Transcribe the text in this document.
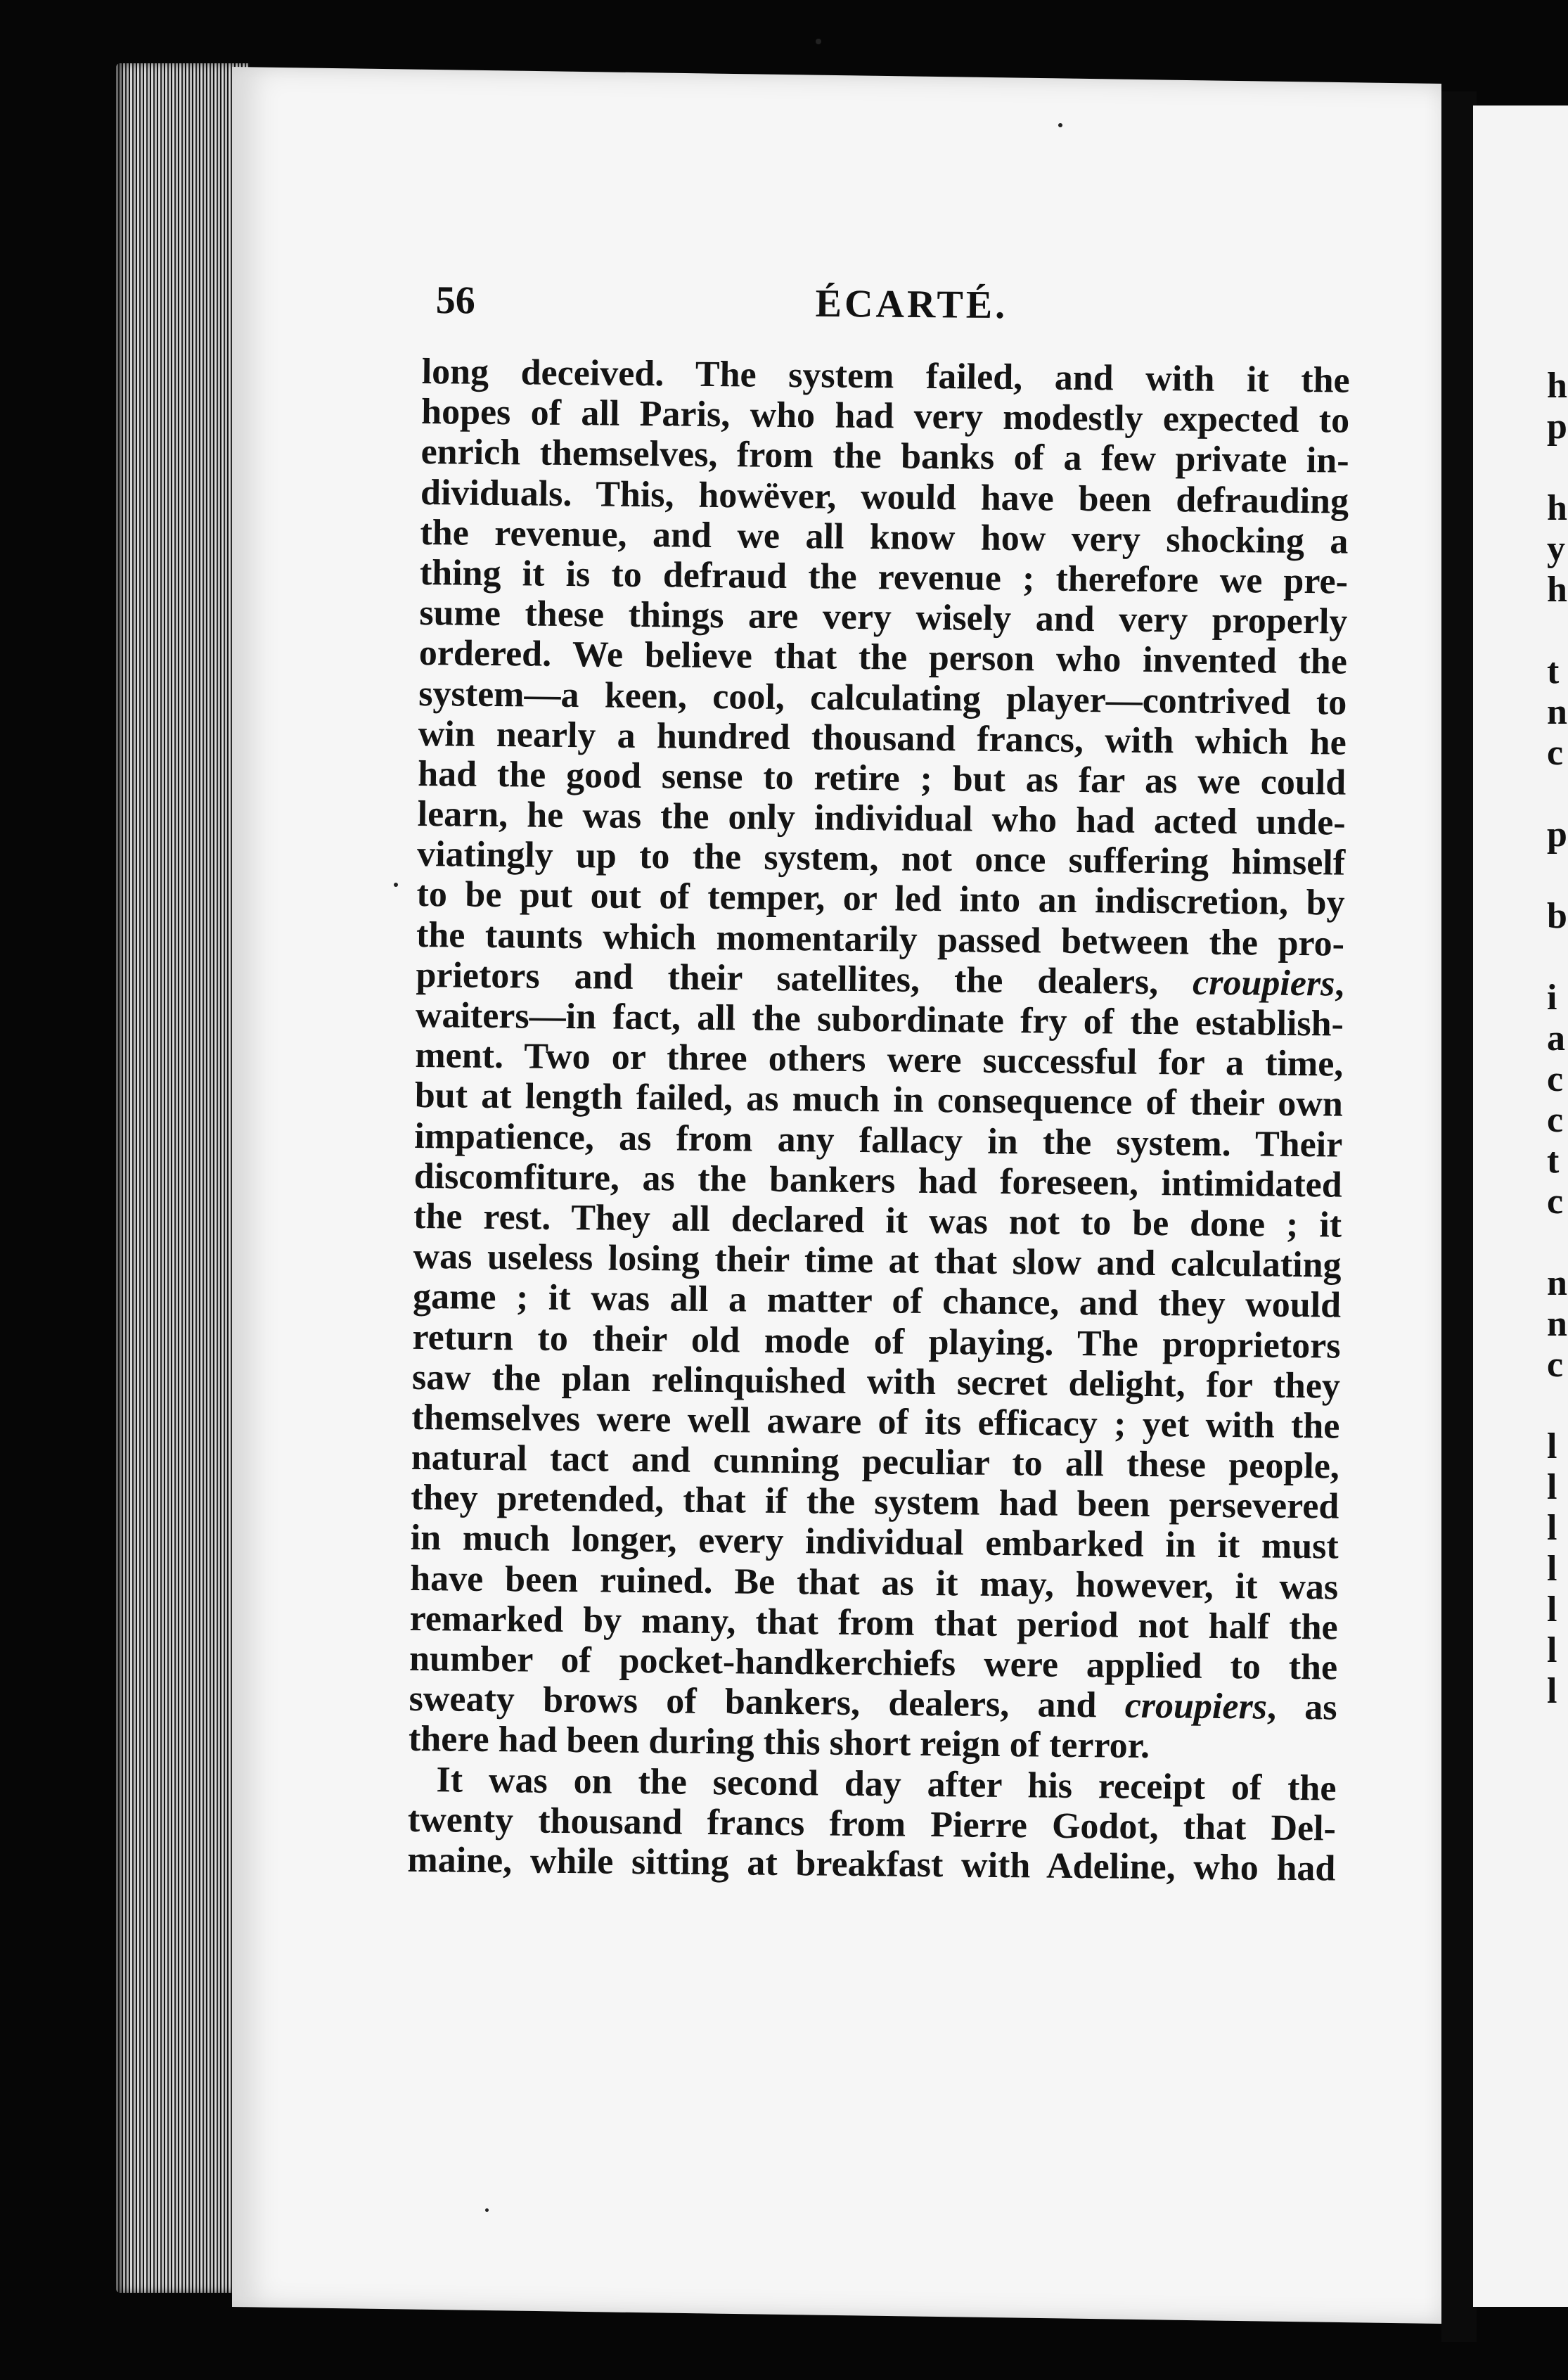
h
p

h
y
h

t
n
c

p

b

i
a
c
c
t
c

n
n
c

l
l
l
l
l
l
l
56	ÉCARTÉ.
long deceived. The system failed, and with it the
hopes of all Paris, who had very modestly expected to
enrich themselves, from the banks of a few private in-
dividuals. This, howëver, would have been defrauding
the revenue, and we all know how very shocking a
thing it is to defraud the revenue ; therefore we pre-
sume these things are very wisely and very properly
ordered. We believe that the person who invented the
system—a keen, cool, calculating player—contrived to
win nearly a hundred thousand francs, with which he
had the good sense to retire ; but as far as we could
learn, he was the only individual who had acted unde-
viatingly up to the system, not once suffering himself
to be put out of temper, or led into an indiscretion, by
the taunts which momentarily passed between the pro-
prietors and their satellites, the dealers, croupiers,
waiters—in fact, all the subordinate fry of the establish-
ment. Two or three others were successful for a time,
but at length failed, as much in consequence of their own
impatience, as from any fallacy in the system. Their
discomfiture, as the bankers had foreseen, intimidated
the rest. They all declared it was not to be done ; it
was useless losing their time at that slow and calculating
game ; it was all a matter of chance, and they would
return to their old mode of playing. The proprietors
saw the plan relinquished with secret delight, for they
themselves were well aware of its efficacy ; yet with the
natural tact and cunning peculiar to all these people,
they pretended, that if the system had been persevered
in much longer, every individual embarked in it must
have been ruined. Be that as it may, however, it was
remarked by many, that from that period not half the
number of pocket-handkerchiefs were applied to the
sweaty brows of bankers, dealers, and croupiers, as
there had been during this short reign of terror.
It was on the second day after his receipt of the
twenty thousand francs from Pierre Godot, that Del-
maine, while sitting at breakfast with Adeline, who had
